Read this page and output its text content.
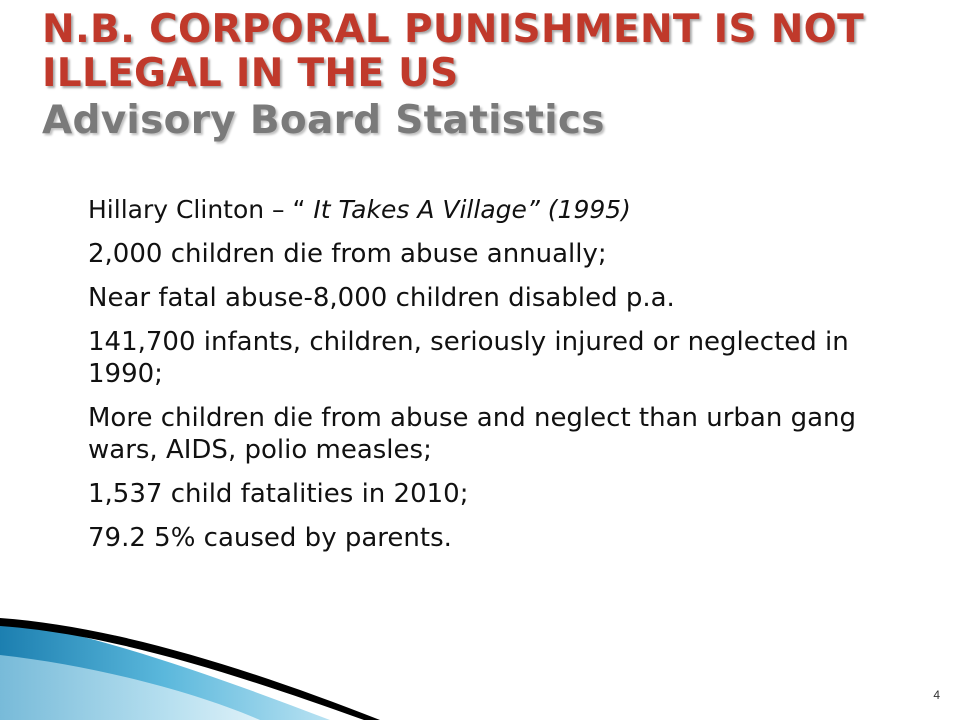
N.B. CORPORAL PUNISHMENT IS NOT ILLEGAL IN THE US
Advisory Board Statistics
Hillary Clinton – “ It Takes A Village” (1995)
2,000 children die from abuse annually;
Near fatal abuse-8,000 children disabled p.a.
141,700 infants, children, seriously injured or neglected in 1990;
More children die from abuse and neglect than urban gang wars, AIDS, polio measles;
1,537 child fatalities in 2010;
79.2 5% caused by parents.
4
